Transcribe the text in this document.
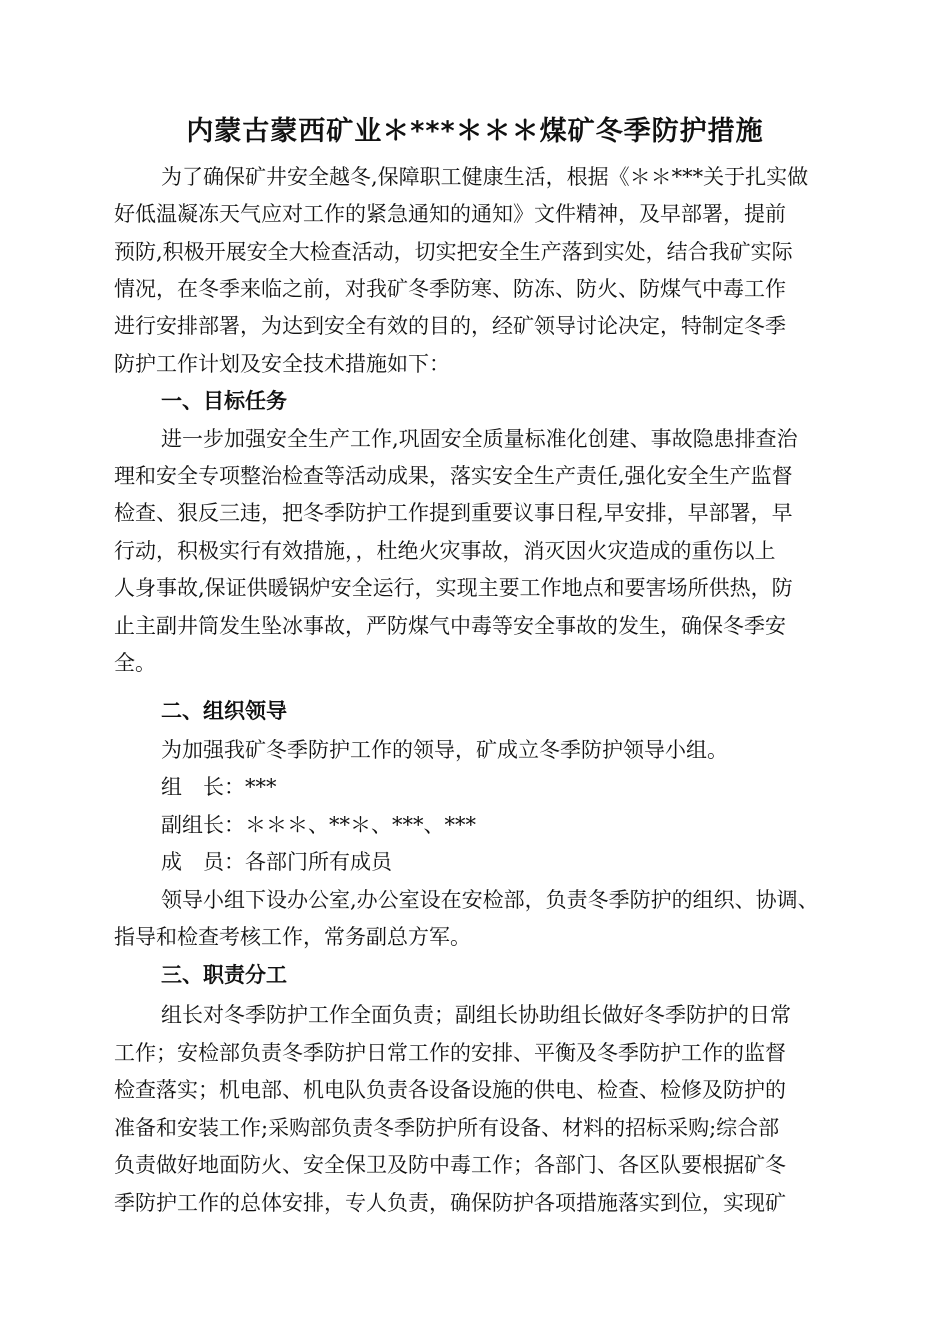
内蒙古蒙西矿业＊***＊＊＊煤矿冬季防护措施

为了确保矿井安全越冬,保障职工健康生活，根据《＊＊***关于扎实做

好低温凝冻天气应对工作的紧急通知的通知》文件精神，及早部署，提前

预防,积极开展安全大检查活动，切实把安全生产落到实处，结合我矿实际

情况，在冬季来临之前，对我矿冬季防寒、防冻、防火、防煤气中毒工作

进行安排部署，为达到安全有效的目的，经矿领导讨论决定，特制定冬季

防护工作计划及安全技术措施如下：

一、目标任务

进一步加强安全生产工作,巩固安全质量标准化创建、事故隐患排查治

理和安全专项整治检查等活动成果，落实安全生产责任,强化安全生产监督

检查、狠反三违，把冬季防护工作提到重要议事日程,早安排，早部署，早

行动，积极实行有效措施，，杜绝火灾事故，消灭因火灾造成的重伤以上

人身事故,保证供暖锅炉安全运行，实现主要工作地点和要害场所供热，防

止主副井筒发生坠冰事故，严防煤气中毒等安全事故的发生，确保冬季安

全。

二、组织领导

为加强我矿冬季防护工作的领导，矿成立冬季防护领导小组。

组　长：***

副组长：＊＊＊、**＊、***、***

成　员：各部门所有成员

领导小组下设办公室,办公室设在安检部，负责冬季防护的组织、协调、

指导和检查考核工作，常务副总方军。

三、职责分工

组长对冬季防护工作全面负责；副组长协助组长做好冬季防护的日常

工作；安检部负责冬季防护日常工作的安排、平衡及冬季防护工作的监督

检查落实；机电部、机电队负责各设备设施的供电、检查、检修及防护的

准备和安装工作;采购部负责冬季防护所有设备、材料的招标采购;综合部

负责做好地面防火、安全保卫及防中毒工作；各部门、各区队要根据矿冬

季防护工作的总体安排，专人负责，确保防护各项措施落实到位，实现矿
